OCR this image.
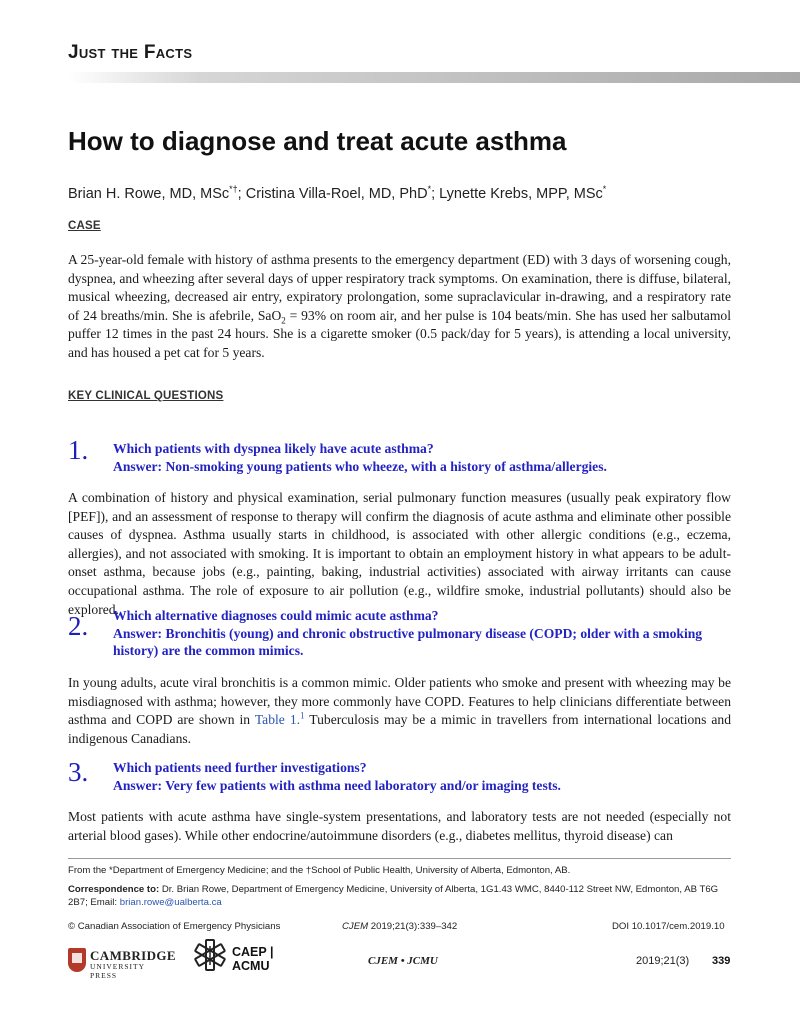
Just the Facts
How to diagnose and treat acute asthma
Brian H. Rowe, MD, MSc*†; Cristina Villa-Roel, MD, PhD*; Lynette Krebs, MPP, MSc*
CASE
A 25-year-old female with history of asthma presents to the emergency department (ED) with 3 days of worsening cough, dyspnea, and wheezing after several days of upper respiratory track symptoms. On examination, there is diffuse, bilateral, musical wheezing, decreased air entry, expiratory prolongation, some supraclavicular in-drawing, and a respiratory rate of 24 breaths/min. She is afebrile, SaO$_2$ = 93% on room air, and her pulse is 104 beats/min. She has used her salbutamol puffer 12 times in the past 24 hours. She is a cigarette smoker (0.5 pack/day for 5 years), is attending a local university, and has housed a pet cat for 5 years.
KEY CLINICAL QUESTIONS
1. Which patients with dyspnea likely have acute asthma?
Answer: Non-smoking young patients who wheeze, with a history of asthma/allergies.
A combination of history and physical examination, serial pulmonary function measures (usually peak expiratory flow [PEF]), and an assessment of response to therapy will confirm the diagnosis of acute asthma and eliminate other possible causes of dyspnea. Asthma usually starts in childhood, is associated with other allergic conditions (e.g., eczema, allergies), and not associated with smoking. It is important to obtain an employment history in what appears to be adult-onset asthma, because jobs (e.g., painting, baking, industrial activities) associated with airway irritants can cause occupational asthma. The role of exposure to air pollution (e.g., wildfire smoke, industrial pollutants) should also be explored.
2. Which alternative diagnoses could mimic acute asthma?
Answer: Bronchitis (young) and chronic obstructive pulmonary disease (COPD; older with a smoking history) are the common mimics.
In young adults, acute viral bronchitis is a common mimic. Older patients who smoke and present with wheezing may be misdiagnosed with asthma; however, they more commonly have COPD. Features to help clinicians differentiate between asthma and COPD are shown in Table 1.$^1$ Tuberculosis may be a mimic in travellers from international locations and indigenous Canadians.
3. Which patients need further investigations?
Answer: Very few patients with asthma need laboratory and/or imaging tests.
Most patients with acute asthma have single-system presentations, and laboratory tests are not needed (especially not arterial blood gases). While other endocrine/autoimmune disorders (e.g., diabetes mellitus, thyroid disease) can
From the *Department of Emergency Medicine; and the †School of Public Health, University of Alberta, Edmonton, AB.
Correspondence to: Dr. Brian Rowe, Department of Emergency Medicine, University of Alberta, 1G1.43 WMC, 8440-112 Street NW, Edmonton, AB T6G 2B7; Email: brian.rowe@ualberta.ca
© Canadian Association of Emergency Physicians	CJEM 2019;21(3):339–342	DOI 10.1017/cem.2019.10
CAMBRIDGE
UNIVERSITY PRESS
CAEP | ACMU	CJEM • JCMU	2019;21(3) 339
